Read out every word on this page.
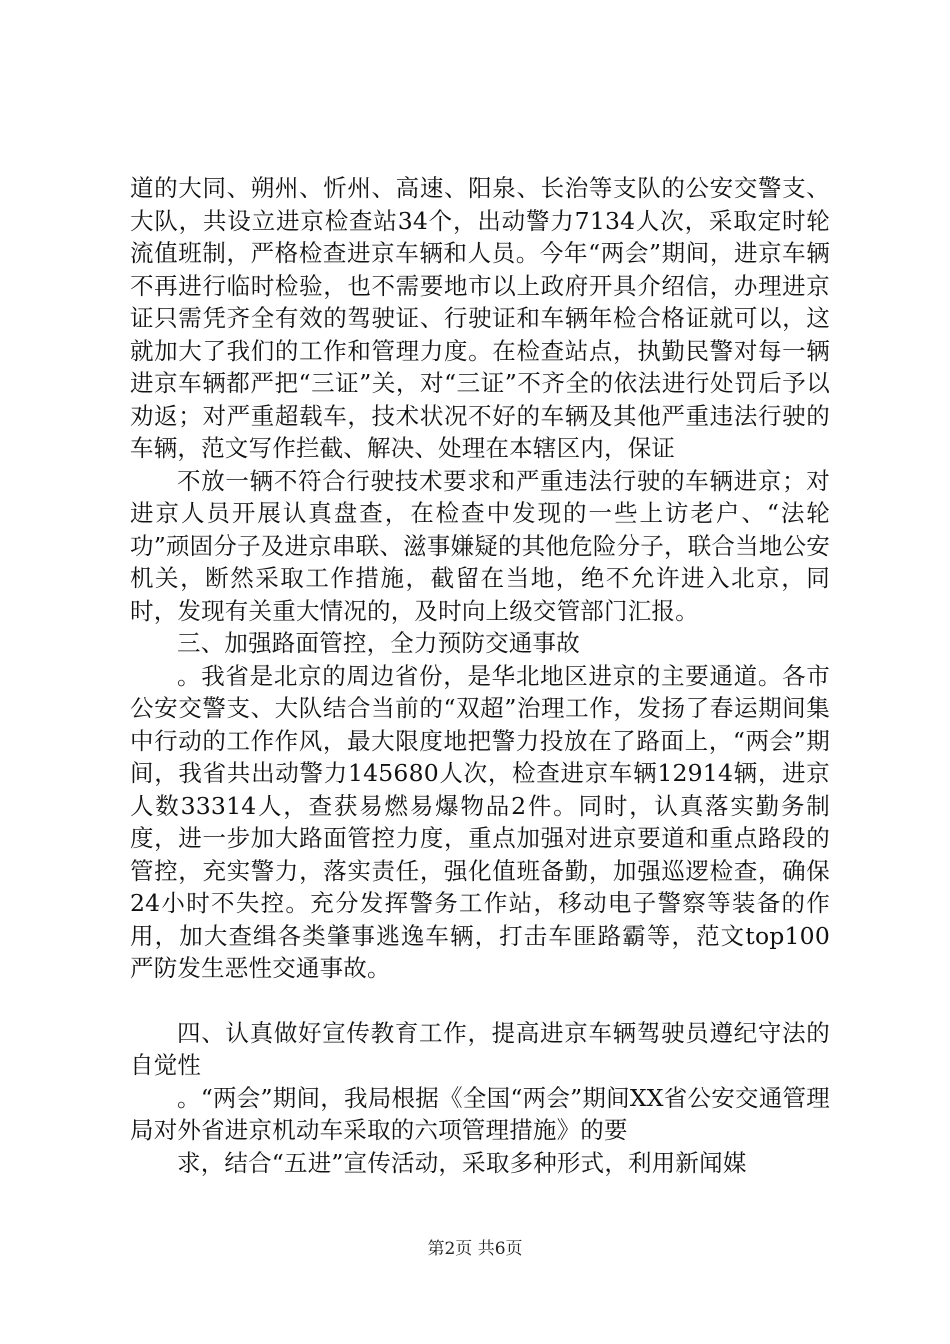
道的大同、朔州、忻州、高速、阳泉、长治等支队的公安交警支、大队，共设立进京检查站34个，出动警力7134人次，采取定时轮流值班制，严格检查进京车辆和人员。今年“两会”期间，进京车辆不再进行临时检验，也不需要地市以上政府开具介绍信，办理进京证只需凭齐全有效的驾驶证、行驶证和车辆年检合格证就可以，这就加大了我们的工作和管理力度。在检查站点，执勤民警对每一辆进京车辆都严把“三证”关，对“三证”不齐全的依法进行处罚后予以劝返；对严重超载车，技术状况不好的车辆及其他严重违法行驶的车辆，范文写作拦截、解决、处理在本辖区内，保证

不放一辆不符合行驶技术要求和严重违法行驶的车辆进京；对进京人员开展认真盘查，在检查中发现的一些上访老户、“法轮功”顽固分子及进京串联、滋事嫌疑的其他危险分子，联合当地公安机关，断然采取工作措施，截留在当地，绝不允许进入北京，同时，发现有关重大情况的，及时向上级交管部门汇报。

三、加强路面管控，全力预防交通事故

。我省是北京的周边省份，是华北地区进京的主要通道。各市公安交警支、大队结合当前的“双超”治理工作，发扬了春运期间集中行动的工作作风，最大限度地把警力投放在了路面上，“两会”期间，我省共出动警力145680人次，检查进京车辆12914辆，进京人数33314人，查获易燃易爆物品2件。同时，认真落实勤务制度，进一步加大路面管控力度，重点加强对进京要道和重点路段的管控，充实警力，落实责任，强化值班备勤，加强巡逻检查，确保24小时不失控。充分发挥警务工作站，移动电子警察等装备的作用，加大查缉各类肇事逃逸车辆，打击车匪路霸等，范文top100严防发生恶性交通事故。

四、认真做好宣传教育工作，提高进京车辆驾驶员遵纪守法的自觉性

。“两会”期间，我局根据《全国“两会”期间XX省公安交通管理局对外省进京机动车采取的六项管理措施》的要

求，结合“五进”宣传活动，采取多种形式，利用新闻媒

第2页 共6页
